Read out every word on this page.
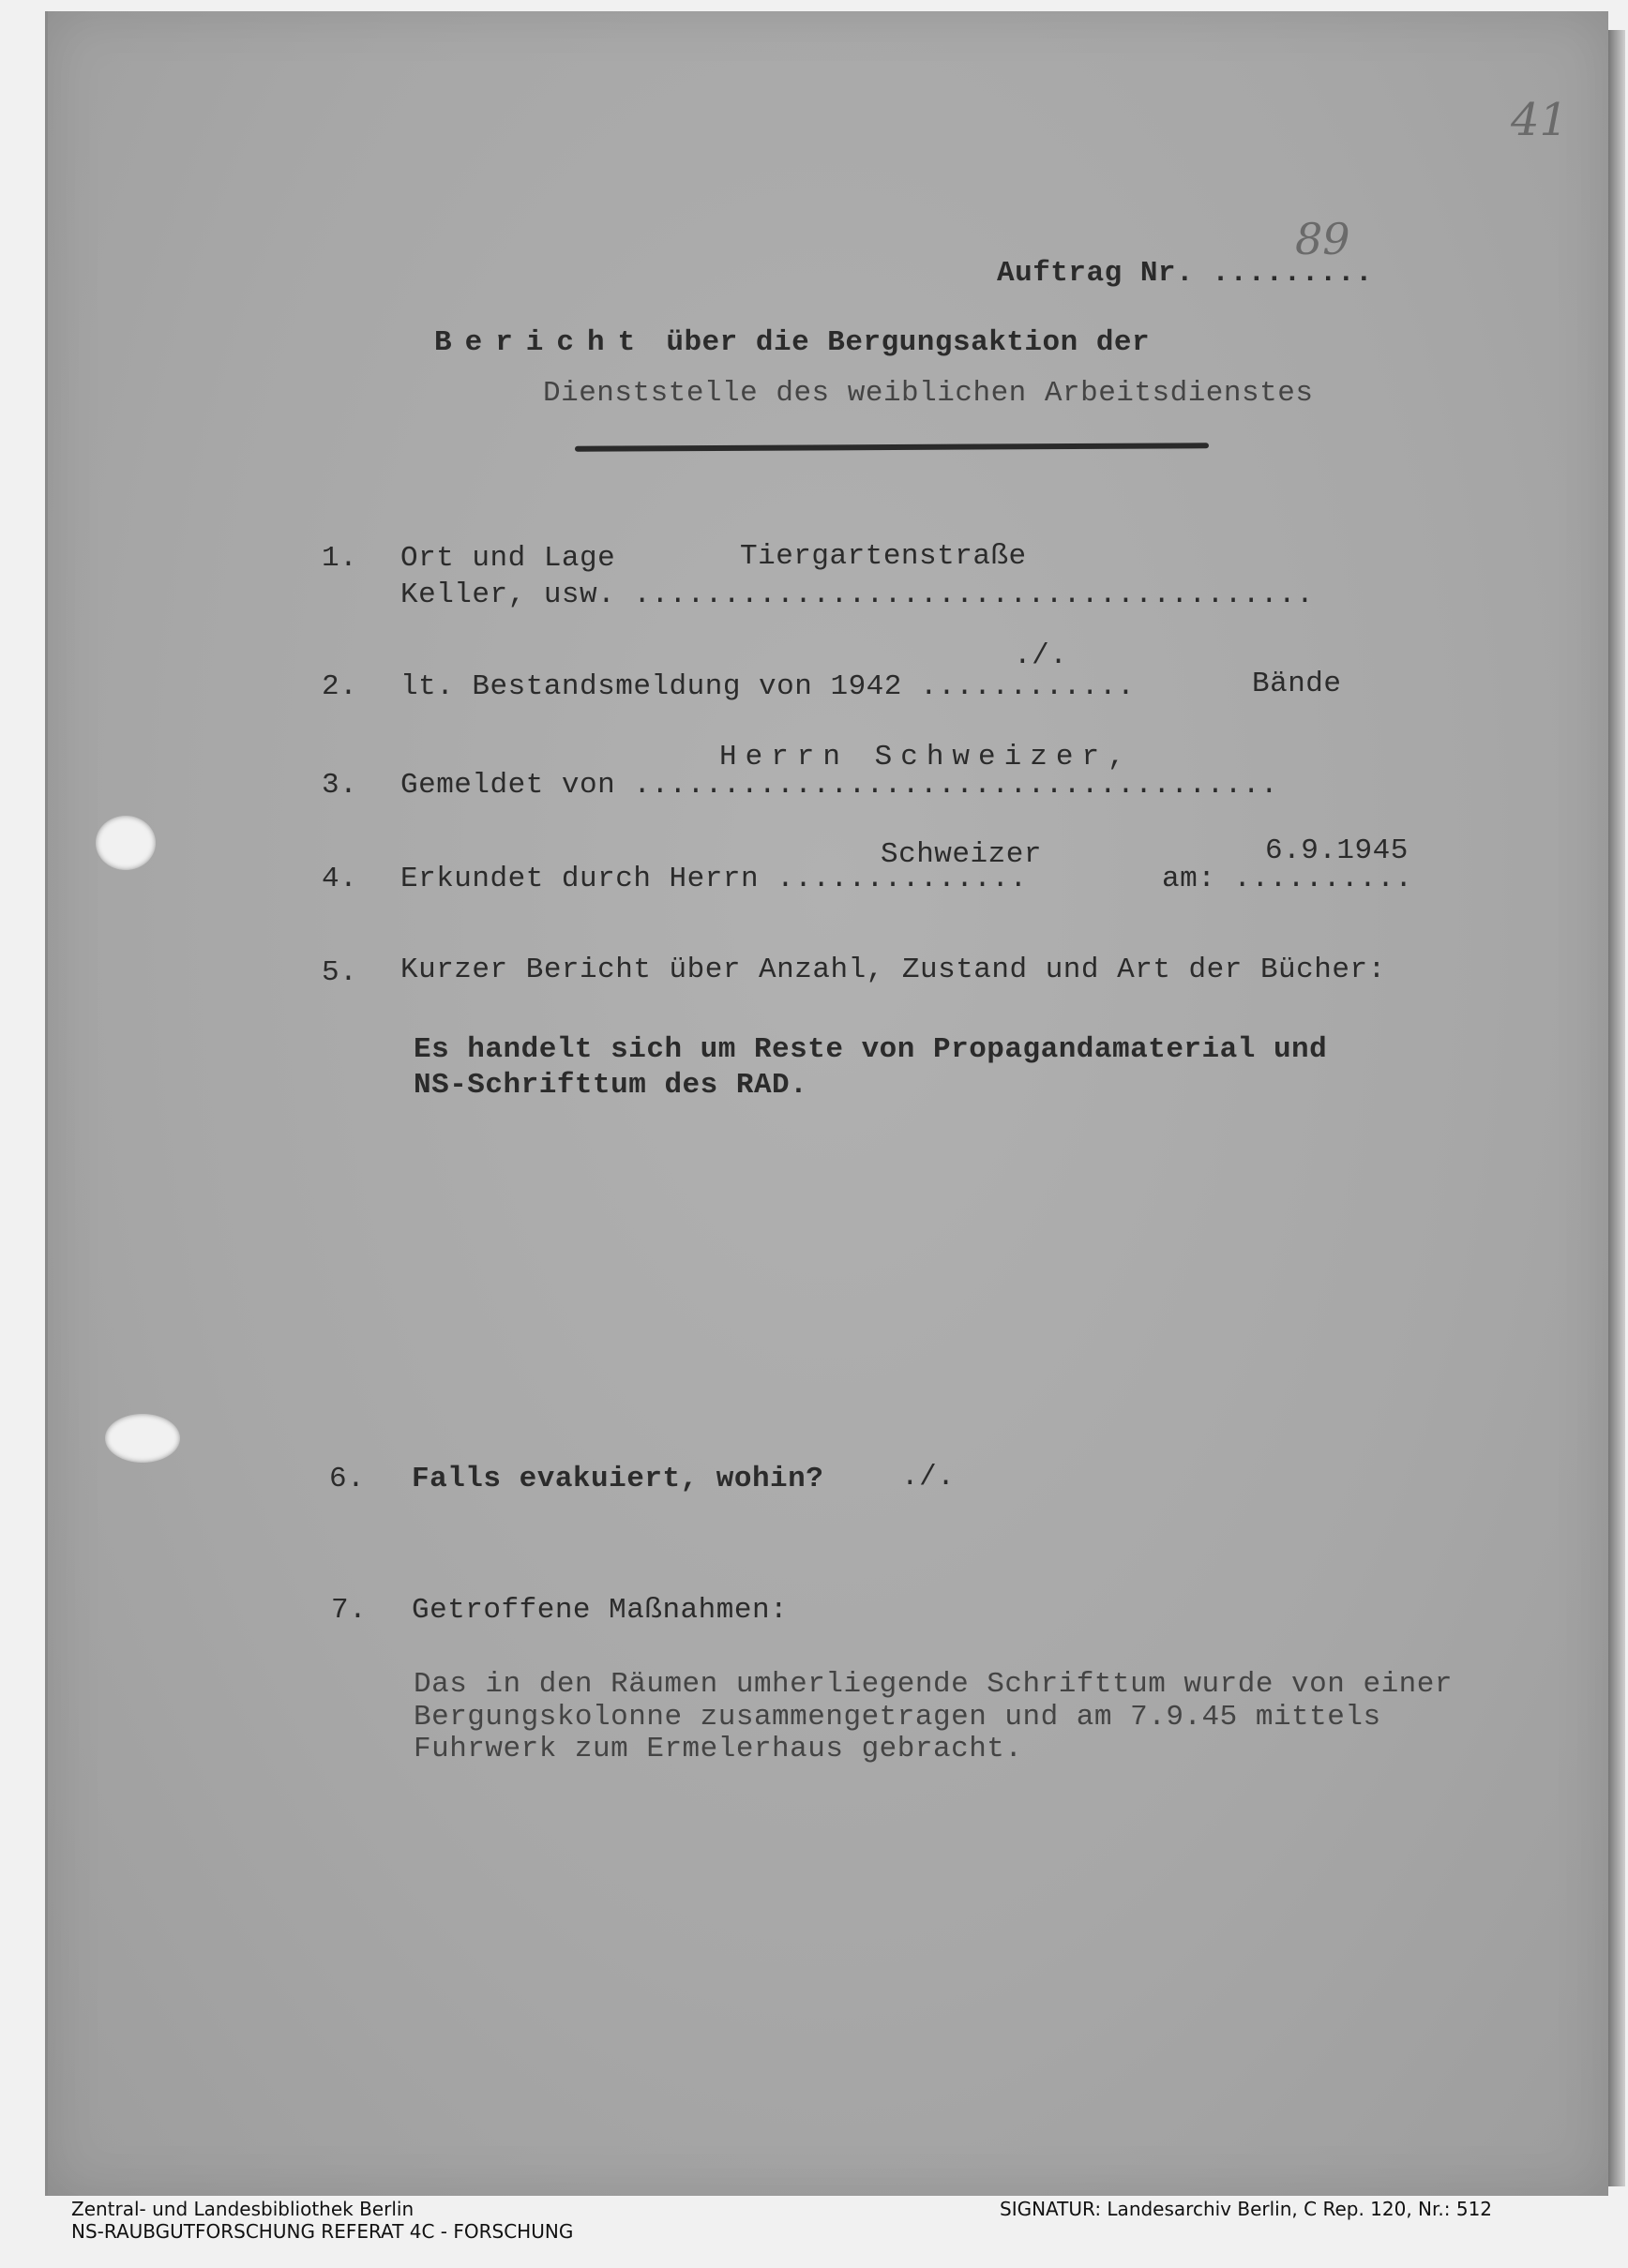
41
89
Auftrag Nr. .........
Bericht über die Bergungsaktion der
Dienststelle des weiblichen Arbeitsdienstes
1. Ort und Lage	Tiergartenstraße
Keller, usw. ......................................
./.
2. lt. Bestandsmeldung von 1942 ............	Bände
Herrn Schweizer,
3. Gemeldet von ....................................
Schweizer	6.9.1945
4. Erkundet durch Herrn ..............	am: ..........
5. Kurzer Bericht über Anzahl, Zustand und Art der Bücher:
Es handelt sich um Reste von Propagandamaterial und
NS-Schrifttum des RAD.
6. Falls evakuiert, wohin?	./.
7. Getroffene Maßnahmen:
Das in den Räumen umherliegende Schrifttum wurde von einer
Bergungskolonne zusammengetragen und am 7.9.45 mittels
Fuhrwerk zum Ermelerhaus gebracht.
Zentral- und Landesbibliothek Berlin
NS-RAUBGUTFORSCHUNG REFERAT 4C - FORSCHUNG
SIGNATUR: Landesarchiv Berlin, C Rep. 120, Nr.: 512
